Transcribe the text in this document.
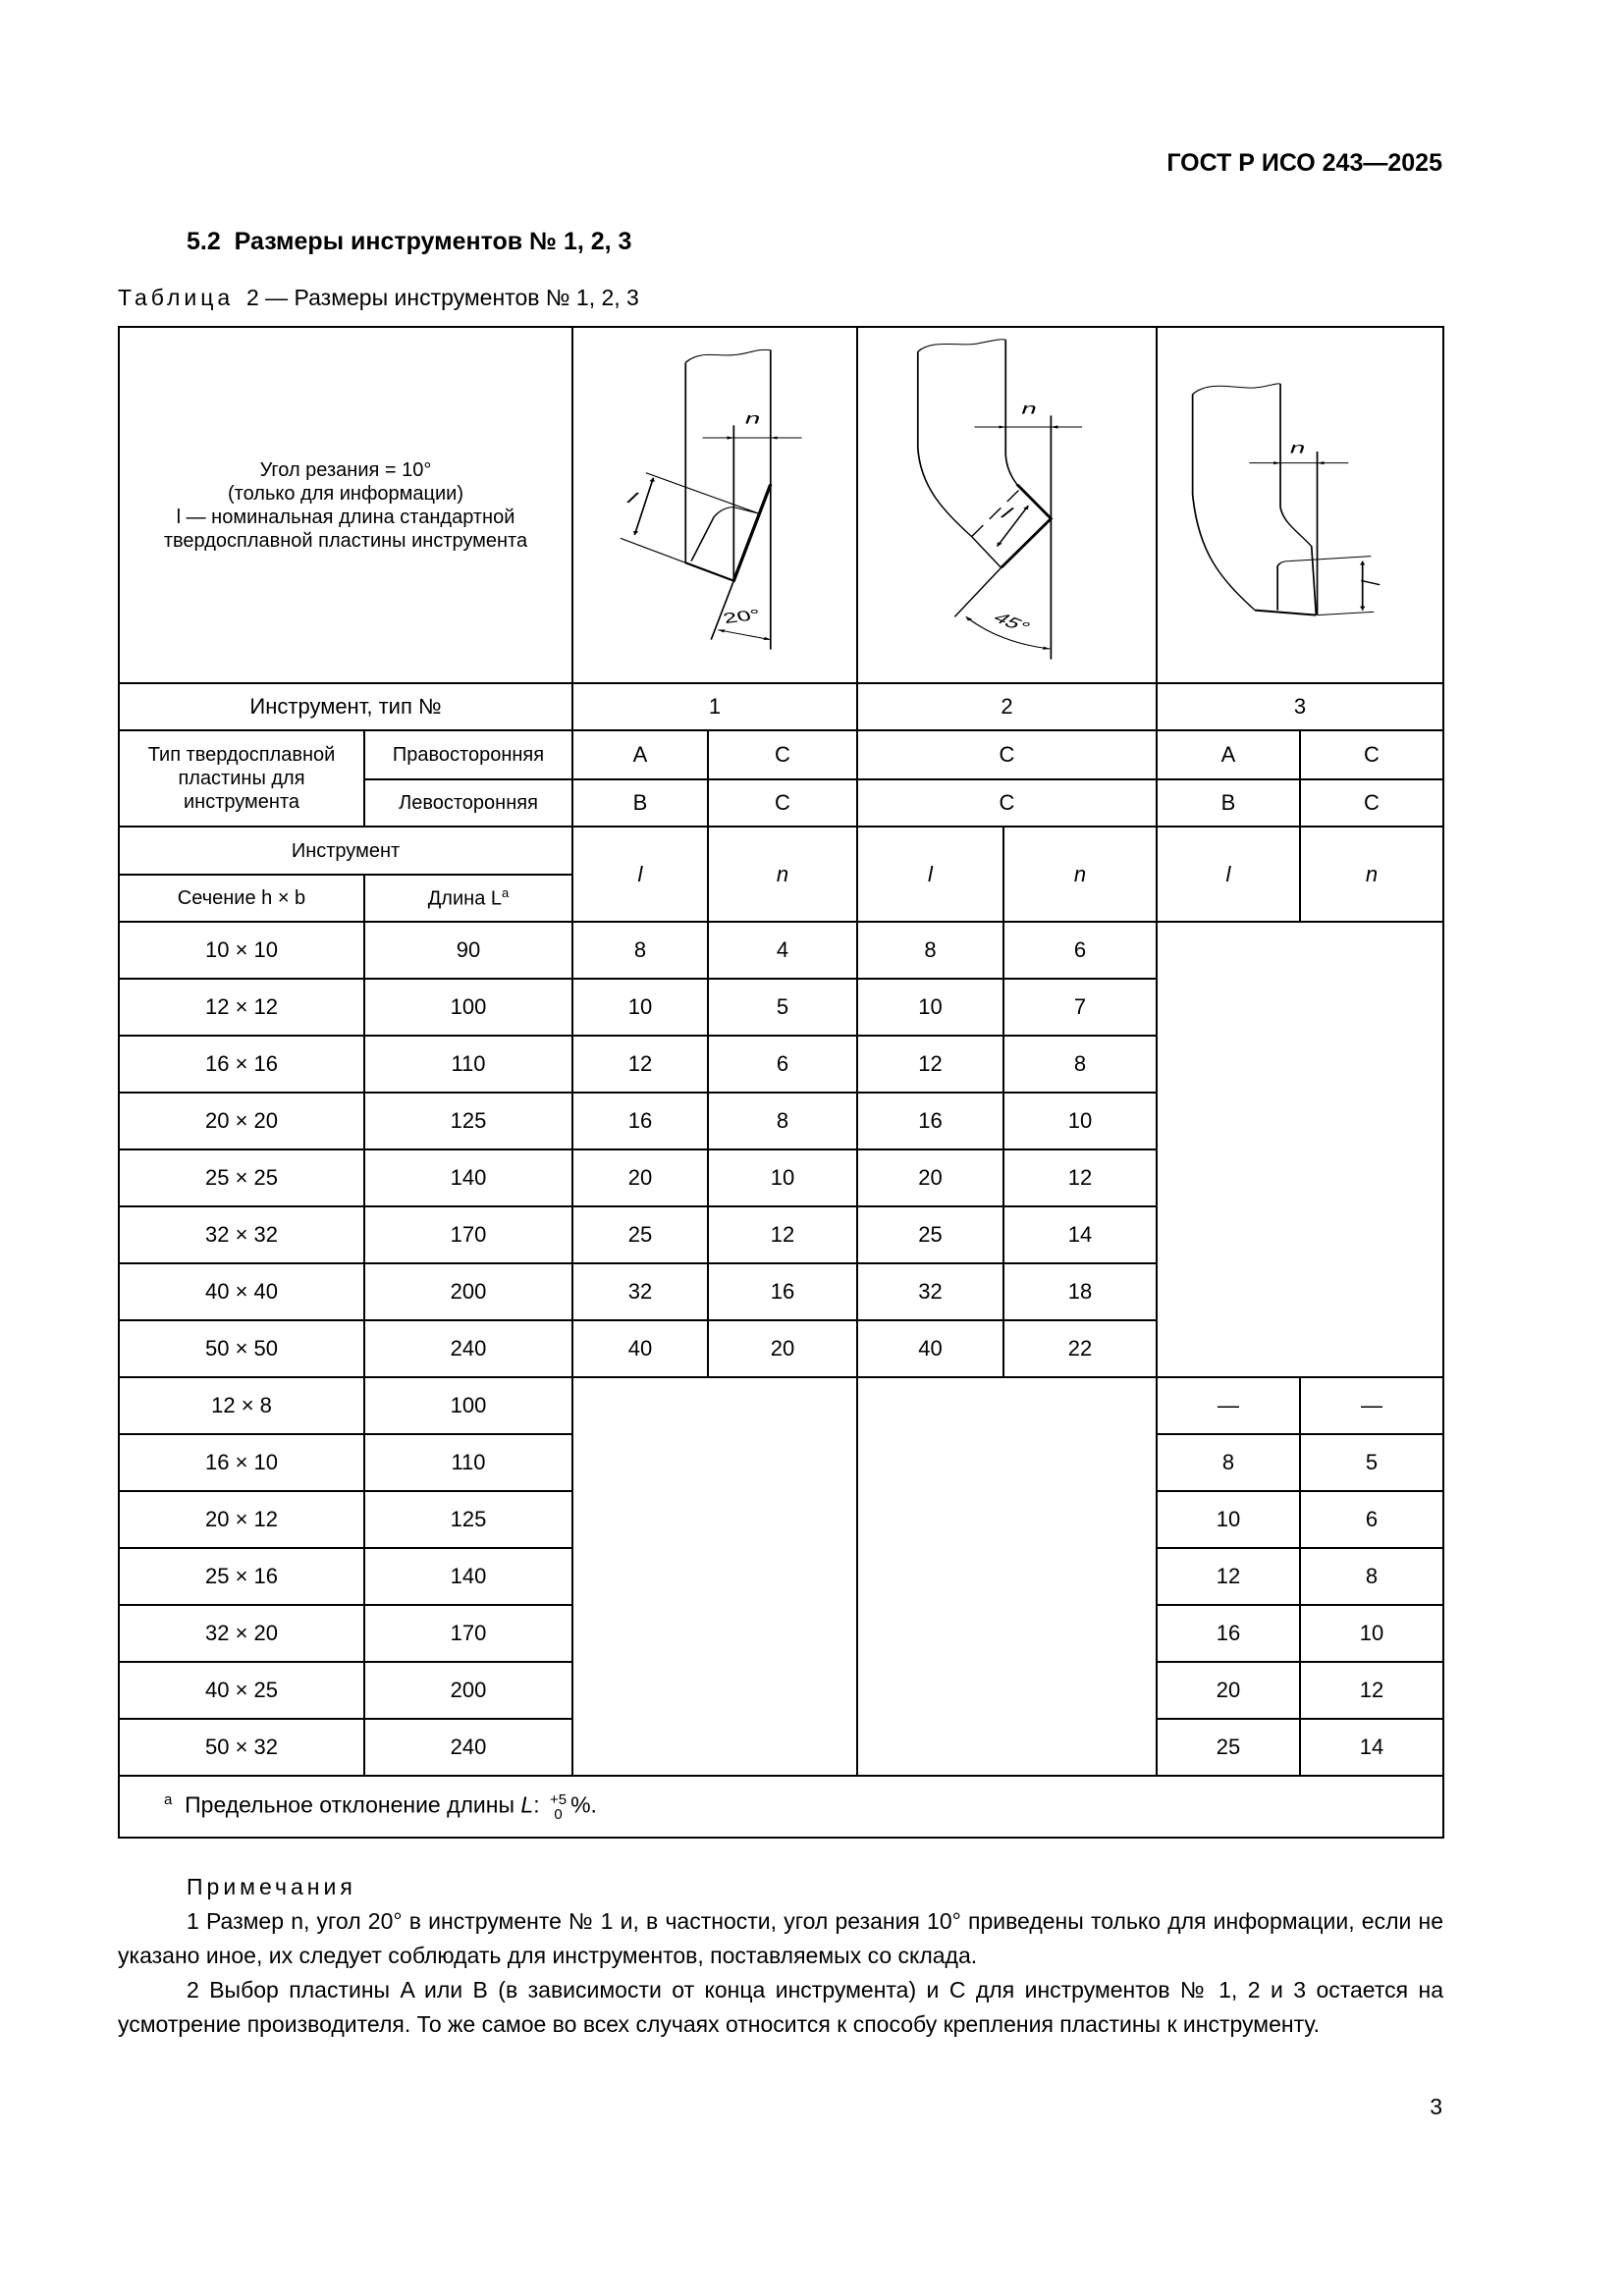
ГОСТ Р ИСО 243—2025
5.2 Размеры инструментов № 1, 2, 3
Таблица 2 — Размеры инструментов № 1, 2, 3
Угол резания = 10°
(только для информации)
l — номинальная длина стандартной
твердосплавной пластины инструмента							

Инструмент, тип №		1		2		3	
Тип твердосплавной пластины для инструмента	Правосторонняя	A	C	C		A	C
	Левосторонняя	B	C	C		B	C
Инструмент		l	n	l	n	l	n
Сечение h × b	Длина $L^a$
10 × 10	90	8	4	8	6		
12 × 12	100	10	5	10	7		
16 × 16	110	12	6	12	8		
20 × 20	125	16	8	16	10		
25 × 25	140	20	10	20	12		
32 × 32	170	25	12	25	14		
40 × 40	200	32	16	32	18		
50 × 50	240	40	20	40	22		
12 × 8	100					—	—
16 × 10	110					8	5
20 × 12	125					10	6
25 × 16	140					12	8
32 × 20	170					16	10
40 × 25	200					20	12
50 × 32	240					25	14
$^a$ Предельное отклонение длины L: +5
0 %.							
n
l
20°
n
l
45°
n
l
Примечания

1 Размер n, угол 20° в инструменте № 1 и, в частности, угол резания 10° приведены только для информации, если не указано иное, их следует соблюдать для инструментов, поставляемых со склада.

2 Выбор пластины A или B (в зависимости от конца инструмента) и C для инструментов № 1, 2 и 3 остается на усмотрение производителя. То же самое во всех случаях относится к способу крепления пластины к инструменту.

3
